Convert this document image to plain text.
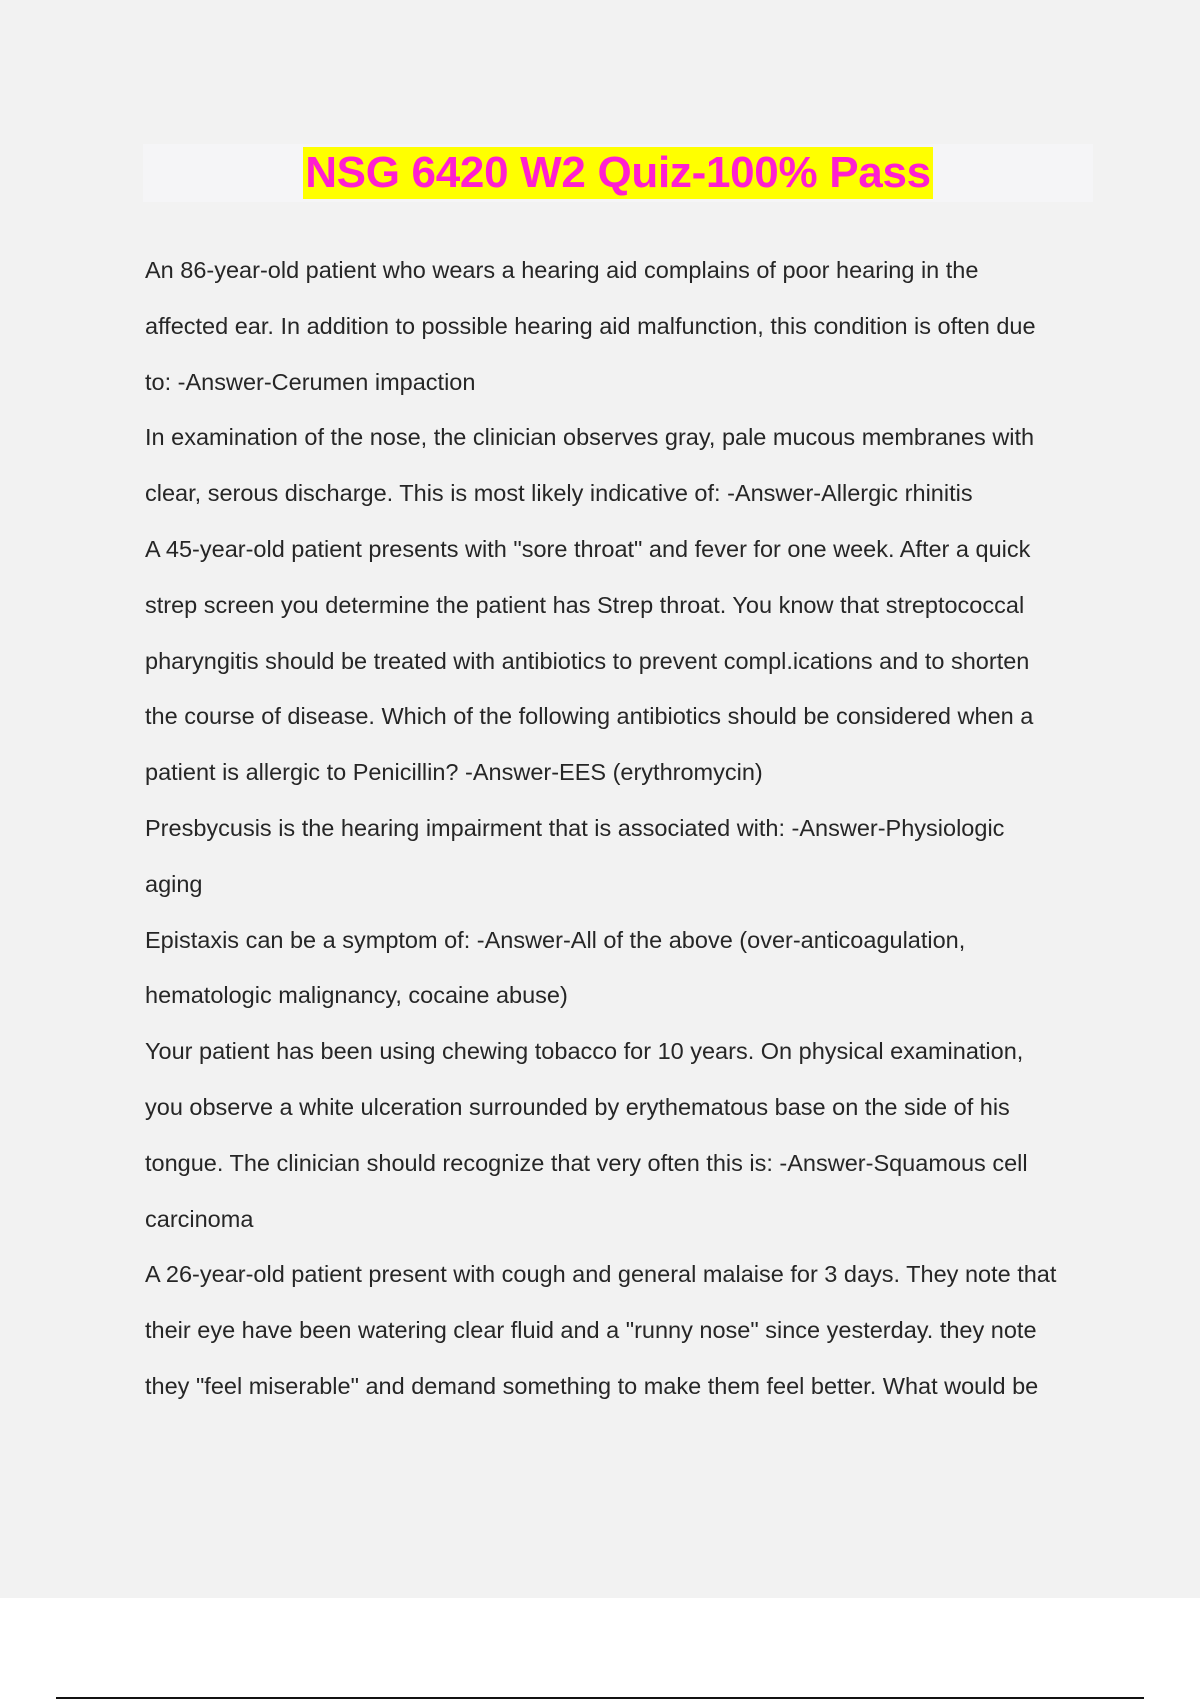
NSG 6420 W2 Quiz-100% Pass
An 86-year-old patient who wears a hearing aid complains of poor hearing in the
affected ear. In addition to possible hearing aid malfunction, this condition is often due
to: -Answer-Cerumen impaction
In examination of the nose, the clinician observes gray, pale mucous membranes with
clear, serous discharge. This is most likely indicative of: -Answer-Allergic rhinitis
A 45-year-old patient presents with "sore throat" and fever for one week. After a quick
strep screen you determine the patient has Strep throat. You know that streptococcal
pharyngitis should be treated with antibiotics to prevent compl.ications and to shorten
the course of disease. Which of the following antibiotics should be considered when a
patient is allergic to Penicillin? -Answer-EES (erythromycin)
Presbycusis is the hearing impairment that is associated with: -Answer-Physiologic
aging
Epistaxis can be a symptom of: -Answer-All of the above (over-anticoagulation,
hematologic malignancy, cocaine abuse)
Your patient has been using chewing tobacco for 10 years. On physical examination,
you observe a white ulceration surrounded by erythematous base on the side of his
tongue. The clinician should recognize that very often this is: -Answer-Squamous cell
carcinoma
A 26-year-old patient present with cough and general malaise for 3 days. They note that
their eye have been watering clear fluid and a "runny nose" since yesterday. they note
they "feel miserable" and demand something to make them feel better. What would be
